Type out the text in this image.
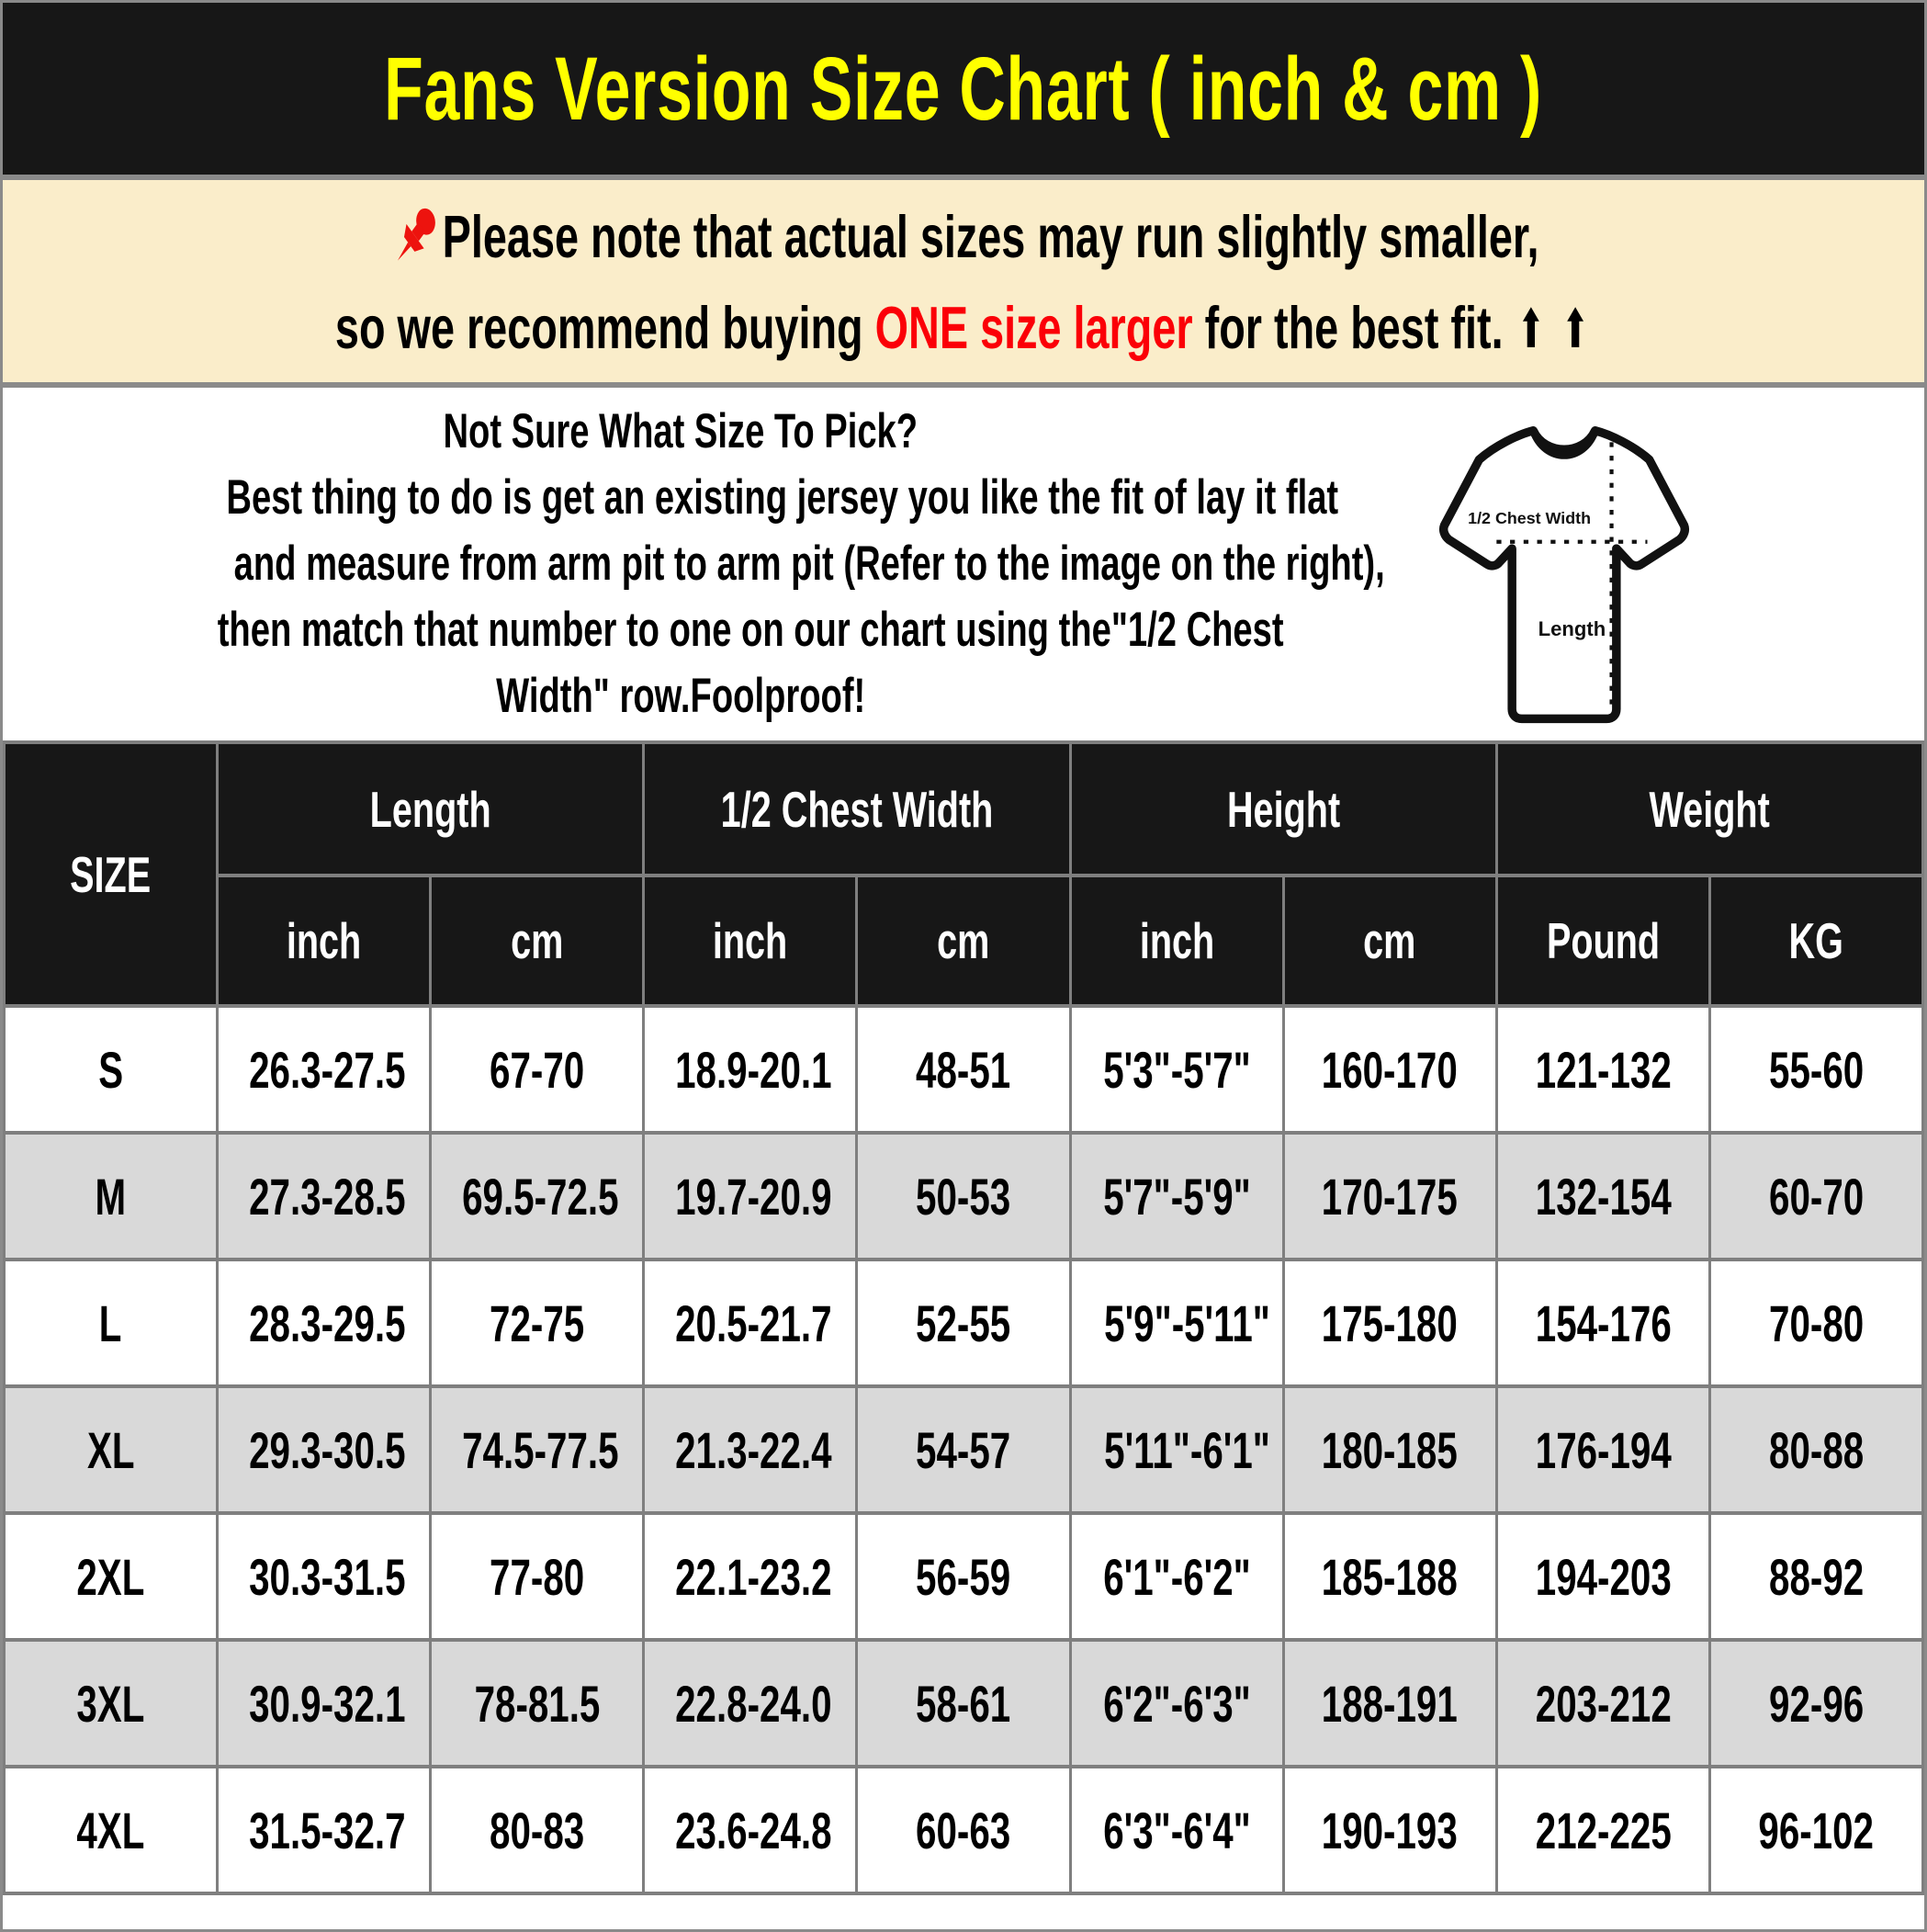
Fans Version Size Chart ( inch & cm )
Please note that actual sizes may run slightly smaller,
so we recommend buying ONE size larger for the best fit. ⬆ ⬆
Not Sure What Size To Pick?
Best thing to do is get an existing jersey you like the fit of lay it flat
and measure from arm pit to arm pit (Refer to the image on the right),
then match that number to one on our chart using the"1/2 Chest
Width" row.Foolproof!
1/2 Chest Width
Length
SIZE	Length		1/2 Chest Width		Height		Weight	
	inch	cm	inch	cm	inch	cm	Pound	KG
S	26.3-27.5	67-70	18.9-20.1	48-51	5'3"-5'7"	160-170	121-132	55-60
M	27.3-28.5	69.5-72.5	19.7-20.9	50-53	5'7"-5'9"	170-175	132-154	60-70
L	28.3-29.5	72-75	20.5-21.7	52-55	5'9"-5'11"	175-180	154-176	70-80
XL	29.3-30.5	74.5-77.5	21.3-22.4	54-57	5'11"-6'1"	180-185	176-194	80-88
2XL	30.3-31.5	77-80	22.1-23.2	56-59	6'1"-6'2"	185-188	194-203	88-92
3XL	30.9-32.1	78-81.5	22.8-24.0	58-61	6'2"-6'3"	188-191	203-212	92-96
4XL	31.5-32.7	80-83	23.6-24.8	60-63	6'3"-6'4"	190-193	212-225	96-102
